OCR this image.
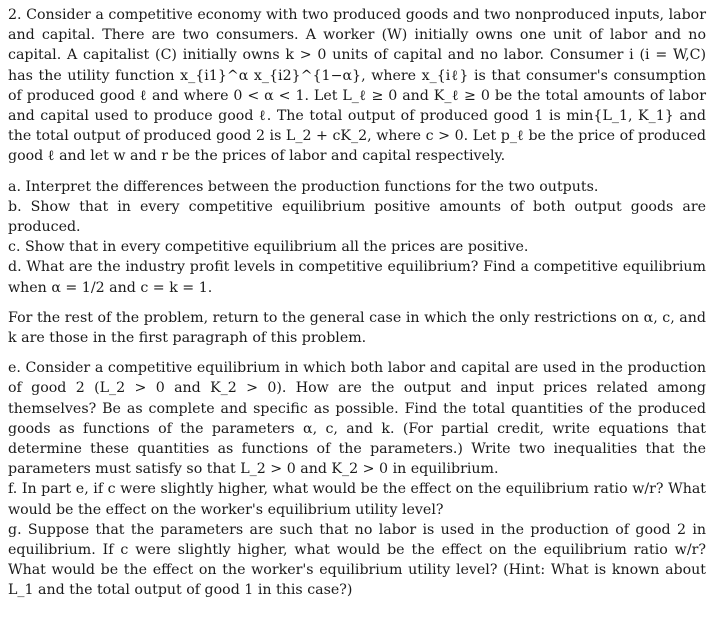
2. Consider a competitive economy with two produced goods and two nonproduced inputs, labor and capital. There are two consumers. A worker (W) initially owns one unit of labor and no capital. A capitalist (C) initially owns k > 0 units of capital and no labor. Consumer i (i = W,C) has the utility function x_{i1}^α x_{i2}^{1−α}, where x_{iℓ} is that consumer's consumption of produced good ℓ and where 0 < α < 1. Let L_ℓ ≥ 0 and K_ℓ ≥ 0 be the total amounts of labor and capital used to produce good ℓ. The total output of produced good 1 is min{L_1, K_1} and the total output of produced good 2 is L_2 + cK_2, where c > 0. Let p_ℓ be the price of produced good ℓ and let w and r be the prices of labor and capital respectively.

a. Interpret the differences between the production functions for the two outputs.

b. Show that in every competitive equilibrium positive amounts of both output goods are produced.

c. Show that in every competitive equilibrium all the prices are positive.

d. What are the industry profit levels in competitive equilibrium? Find a competitive equilibrium when α = 1/2 and c = k = 1.

For the rest of the problem, return to the general case in which the only restrictions on α, c, and k are those in the first paragraph of this problem.

e. Consider a competitive equilibrium in which both labor and capital are used in the production of good 2 (L_2 > 0 and K_2 > 0). How are the output and input prices related among themselves? Be as complete and specific as possible. Find the total quantities of the produced goods as functions of the parameters α, c, and k. (For partial credit, write equations that determine these quantities as functions of the parameters.) Write two inequalities that the parameters must satisfy so that L_2 > 0 and K_2 > 0 in equilibrium.

f. In part e, if c were slightly higher, what would be the effect on the equilibrium ratio w/r? What would be the effect on the worker's equilibrium utility level?

g. Suppose that the parameters are such that no labor is used in the production of good 2 in equilibrium. If c were slightly higher, what would be the effect on the equilibrium ratio w/r? What would be the effect on the worker's equilibrium utility level? (Hint: What is known about L_1 and the total output of good 1 in this case?)
